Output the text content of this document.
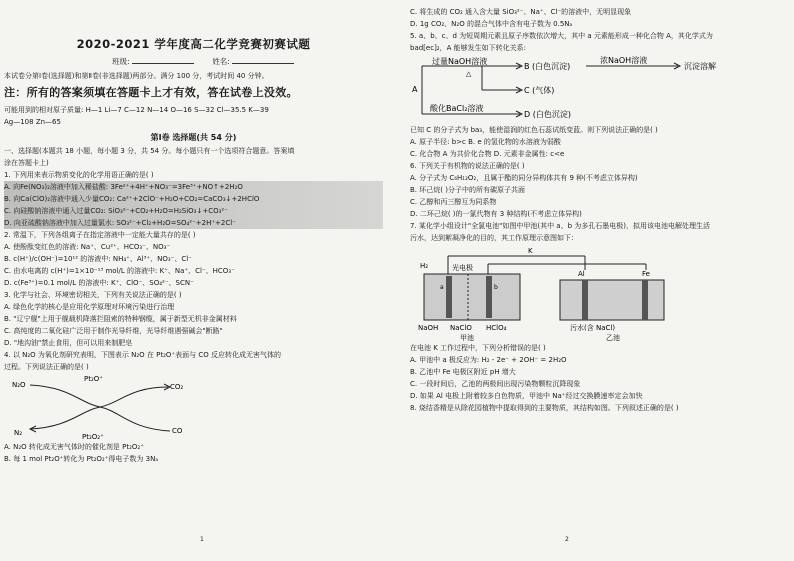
2020-2021 学年度高二化学竞赛初赛试题
班级:	姓名:
本试卷分第Ⅰ卷(选择题)和第Ⅱ卷(非选择题)两部分。满分 100 分，考试时间 40 分钟。
注：所有的答案须填在答题卡上才有效，答在试卷上没效。
可能用到的相对原子质量: H—1 Li—7 C—12 N—14 O—16 S—32 Cl—35.5 K—39
Ag—108 Zn—65
第Ⅰ卷 选择题(共 54 分)
一、选择题(本题共 18 小题，每小题 3 分，共 54 分。每小题只有一个选项符合题意。答案填
涂在答题卡上)
1. 下列用来表示物质变化的化学用语正确的是( )
A. 向Fe(NO₃)₂溶液中加入稀盐酸: 3Fe²⁺+4H⁺+NO₃⁻=3Fe³⁺+NO↑+2H₂O
B. 向Ca(ClO)₂溶液中通入少量CO₂: Ca²⁺+2ClO⁻+H₂O+CO₂=CaCO₃↓+2HClO
C. 向硅酸钠溶液中通入过量CO₂: SiO₃²⁻+CO₂+H₂O=H₂SiO₃↓+CO₃²⁻
D. 向亚硫酸钠溶液中加入过量氯水: SO₃²⁻+Cl₂+H₂O=SO₄²⁻+2H⁺+2Cl⁻
2. 常温下，下列各组离子在指定溶液中一定能大量共存的是( )
A. 使酚酞变红色的溶液: Na⁺、Cu²⁺、HCO₃⁻、NO₃⁻
B. c(H⁺)/c(OH⁻)=10¹² 的溶液中: NH₄⁺、Al³⁺、NO₃⁻、Cl⁻
C. 由水电离的 c(H⁺)=1×10⁻¹³ mol/L 的溶液中: K⁺、Na⁺、Cl⁻、HCO₃⁻
D. c(Fe³⁺)=0.1 mol/L 的溶液中: K⁺、ClO⁻、SO₄²⁻、SCN⁻
3. 化学与社会、环境密切相关，下列有关说法正确的是( )
A. 绿色化学的核心是应用化学原理对环境污染进行治理
B. "辽宁舰"上用于舰载机降落拦阻索的特种钢缆，属于新型无机非金属材料
C. 高纯度的二氧化硅广泛用于制作光导纤维，光导纤维遇强碱会"断路"
D. "地沟油"禁止食用，但可以用来制肥皂
4. 以 N₂O 为氧化剂研究表明，下图表示 N₂O 在 Pt₂O⁺表面与 CO 反应转化成无害气体的
过程。下列说法正确的是( )
N₂O
Pt₂O⁺
CO₂
N₂	Pt₂O₂⁺
CO
A. N₂O 转化成无害气体时的催化剂是 Pt₂O₂⁺
B. 每 1 mol Pt₂O⁺转化为 Pt₂O₂⁺得电子数为 3Nₐ
1
C. 将生成的 CO₂ 通入含大量 SiO₃²⁻、Na⁺、Cl⁻的溶液中，无明显现象
D. 1g CO₂、N₂O 的混合气体中含有电子数为 0.5Nₐ
5. a、b、c、d 为短周期元素且原子序数依次增大，其中 a 元素能形成一种化合物 A，其化学式为
bad[ec]₂，A 能够发生如下转化关系:
A
过量NaOH溶液
△
B (白色沉淀)
C (气体)
酸化BaCl₂溶液
D (白色沉淀)
浓NaOH溶液
沉淀溶解
已知 C 的分子式为 ba₃，能使湿润的红色石蕊试纸变蓝。则下列说法正确的是( )
A. 原子半径: b>c B. e 的氢化物的水溶液为弱酸
C. 化合物 A 为共价化合物 D. 元素非金属性: c<e
6. 下列关于有机物的说法正确的是( )
A. 分子式为 C₆H₁₂O₂，且属于酯的同分异构体共有 9 种(不考虑立体异构)
B. 环己烷( )分子中的所有碳原子共面
C. 乙醇和丙三醇互为同系物
D. 二环己烷( )的一氯代物有 3 种结构(不考虑立体异构)
7. 某化学小组设计"全氯电池"如图中甲池(其中 a、b 为多孔石墨电极)，拟用该电池电解处理生活
污水，达到絮凝净化的目的，其工作原理示意图如下：
K
H₂	光电极
a	b
NaOH NaClO HClO₄
甲池
Al	Fe
污水(含 NaCl)
乙池
在电池 K 工作过程中，下列分析错误的是( )
A. 甲池中 a 极反应为: H₂ - 2e⁻ + 2OH⁻ = 2H₂O
B. 乙池中 Fe 电极区附近 pH 增大
C. 一段时间后，乙池的两极间出现污染物颗粒沉降现象
D. 如果 Al 电极上附着较多白色物质，甲池中 Na⁺经过交换膜速率定会加快
8. 烧结香精是从除花园植物中提取得到的主要物质，其结构如图。下列叙述正确的是( )
2
